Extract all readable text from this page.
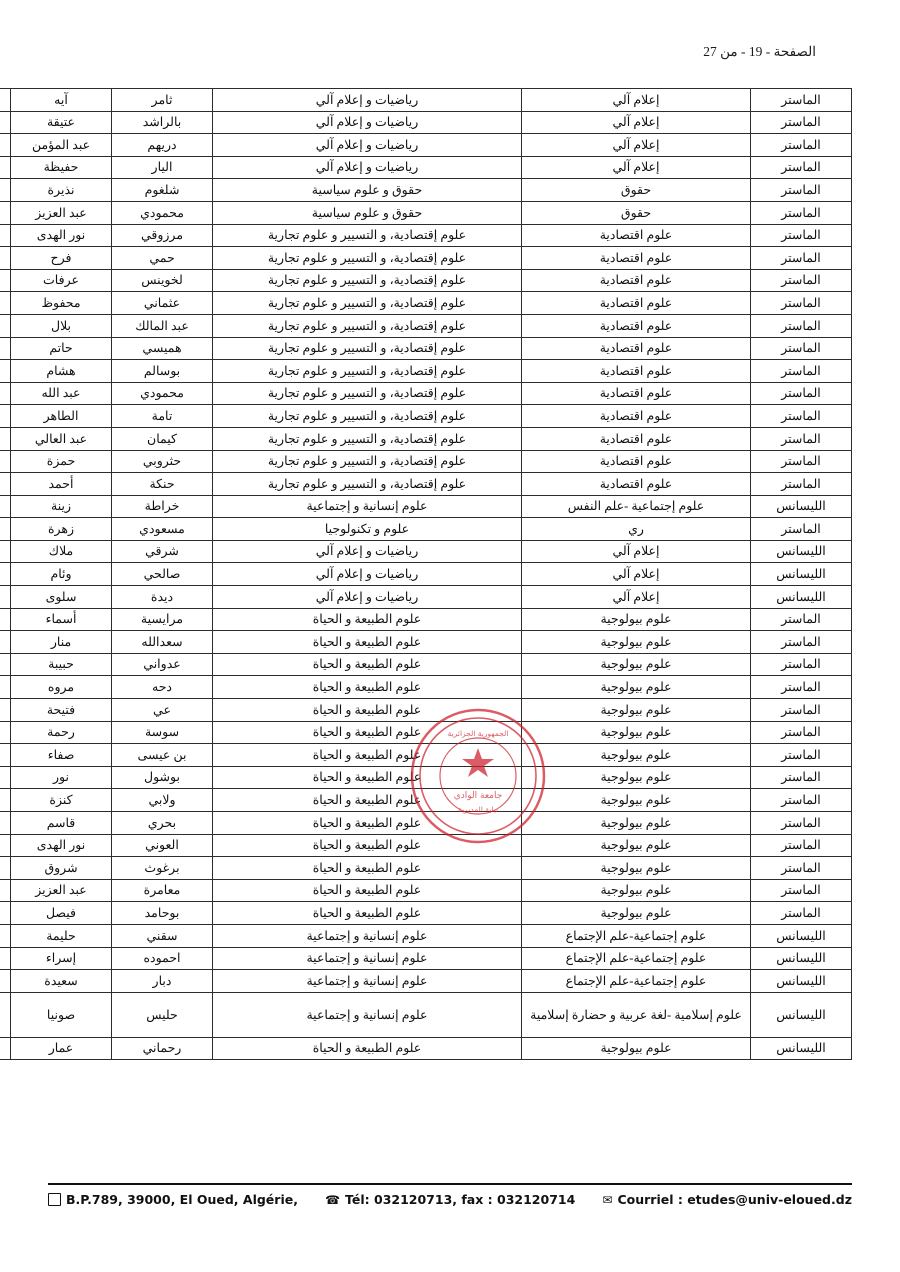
الصفحة - 19 - من 27
الماستر	إعلام آلي	رياضيات و إعلام آلي	ثامر	آيه	
الماستر	إعلام آلي	رياضيات و إعلام آلي	بالراشد	عتيقة	
الماستر	إعلام آلي	رياضيات و إعلام آلي	دريهم	عبد المؤمن	
الماستر	إعلام آلي	رياضيات و إعلام آلي	اليار	حفيظة	
الماستر	حقوق	حقوق و علوم سياسية	شلغوم	نذيرة	
الماستر	حقوق	حقوق و علوم سياسية	محمودي	عبد العزيز	
الماستر	علوم اقتصادية	علوم إقتصادية، و التسيير و علوم تجارية	مرزوقي	نور الهدى	
الماستر	علوم اقتصادية	علوم إقتصادية، و التسيير و علوم تجارية	حمي	فرح	
الماستر	علوم اقتصادية	علوم إقتصادية، و التسيير و علوم تجارية	لخوينس	عرفات	
الماستر	علوم اقتصادية	علوم إقتصادية، و التسيير و علوم تجارية	عثماني	محفوظ	
الماستر	علوم اقتصادية	علوم إقتصادية، و التسيير و علوم تجارية	عبد المالك	بلال	
الماستر	علوم اقتصادية	علوم إقتصادية، و التسيير و علوم تجارية	هميسي	حاتم	
الماستر	علوم اقتصادية	علوم إقتصادية، و التسيير و علوم تجارية	بوسالم	هشام	
الماستر	علوم اقتصادية	علوم إقتصادية، و التسيير و علوم تجارية	محمودي	عبد الله	
الماستر	علوم اقتصادية	علوم إقتصادية، و التسيير و علوم تجارية	تامة	الطاهر	
الماستر	علوم اقتصادية	علوم إقتصادية، و التسيير و علوم تجارية	كيمان	عبد العالي	
الماستر	علوم اقتصادية	علوم إقتصادية، و التسيير و علوم تجارية	حثروبي	حمزة	
الماستر	علوم اقتصادية	علوم إقتصادية، و التسيير و علوم تجارية	حنكة	أحمد	
الليسانس	علوم إجتماعية -علم النفس	علوم إنسانية و إجتماعية	خراطة	زينة	
الماستر	ري	علوم و تكنولوجيا	مسعودي	زهرة	
الليسانس	إعلام آلي	رياضيات و إعلام آلي	شرقي	ملاك	
الليسانس	إعلام آلي	رياضيات و إعلام آلي	صالحي	وئام	
الليسانس	إعلام آلي	رياضيات و إعلام آلي	ديدة	سلوى	
الماستر	علوم بيولوجية	علوم الطبيعة و الحياة	مرايسية	أسماء	
الماستر	علوم بيولوجية	علوم الطبيعة و الحياة	سعدالله	منار	
الماستر	علوم بيولوجية	علوم الطبيعة و الحياة	عدواني	حبيبة	
الماستر	علوم بيولوجية	علوم الطبيعة و الحياة	دحه	مروه	
الماستر	علوم بيولوجية	علوم الطبيعة و الحياة	عي	فتيحة	
الماستر	علوم بيولوجية	علوم الطبيعة و الحياة	سوسة	رحمة	
الماستر	علوم بيولوجية	علوم الطبيعة و الحياة	بن عيسى	صفاء	
الماستر	علوم بيولوجية	علوم الطبيعة و الحياة	بوشول	نور	
الماستر	علوم بيولوجية	علوم الطبيعة و الحياة	ولابي	كنزة	
الماستر	علوم بيولوجية	علوم الطبيعة و الحياة	بحري	قاسم	
الماستر	علوم بيولوجية	علوم الطبيعة و الحياة	العوني	نور الهدى	
الماستر	علوم بيولوجية	علوم الطبيعة و الحياة	برغوث	شروق	
الماستر	علوم بيولوجية	علوم الطبيعة و الحياة	معامرة	عبد العزيز	
الماستر	علوم بيولوجية	علوم الطبيعة و الحياة	بوحامد	فيصل	
الليسانس	علوم إجتماعية-علم الإجتماع	علوم إنسانية و إجتماعية	سقني	حليمة	
الليسانس	علوم إجتماعية-علم الإجتماع	علوم إنسانية و إجتماعية	احموده	إسراء	
الليسانس	علوم إجتماعية-علم الإجتماع	علوم إنسانية و إجتماعية	دبار	سعيدة	
الليسانس	علوم إسلامية -لغة عربية و حضارة إسلامية	علوم إنسانية و إجتماعية	حليس	صونيا	
الليسانس	علوم بيولوجية	علوم الطبيعة و الحياة	رحماني	عمار	
جامعة الوادي
نيابة المديرية
الجمهورية الجزائرية
B.P.789, 39000, El Oued, Algérie, ☎ Tél: 032120713, fax : 032120714 ✉ Courriel : etudes@univ-eloued.dz
